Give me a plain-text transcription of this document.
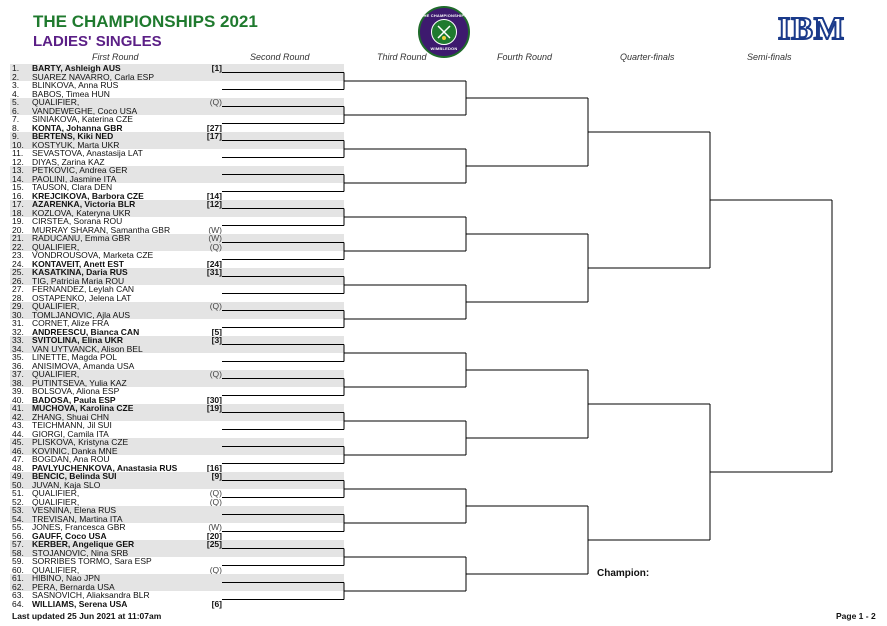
THE CHAMPIONSHIPS 2021
LADIES' SINGLES
THE CHAMPIONSHIPS
WIMBLEDON
IBM
First Round	Second Round	Third Round	Fourth Round	Quarter-finals	Semi-finals
1.	BARTY, Ashleigh AUS	[1]
2.	SUAREZ NAVARRO, Carla ESP
3.	BLINKOVA, Anna RUS
4.	BABOS, Timea HUN
5.	QUALIFIER,	(Q)
6.	VANDEWEGHE, Coco USA
7.	SINIAKOVA, Katerina CZE
8.	KONTA, Johanna GBR	[27]
9.	BERTENS, Kiki NED	[17]
10. KOSTYUK, Marta UKR
11.	SEVASTOVA, Anastasija LAT
12. DIYAS, Zarina KAZ
13. PETKOVIC, Andrea GER
14. PAOLINI, Jasmine ITA
15. TAUSON, Clara DEN
16. KREJCIKOVA, Barbora CZE	[14]
17. AZARENKA, Victoria BLR	[12]
18. KOZLOVA, Kateryna UKR
19. CIRSTEA, Sorana ROU
20. MURRAY SHARAN, Samantha GBR	(W)
21. RADUCANU, Emma GBR	(W)
22. QUALIFIER,	(Q)
23. VONDROUSOVA, Marketa CZE
24. KONTAVEIT, Anett EST	[24]
25. KASATKINA, Daria RUS	[31]
26. TIG, Patricia Maria ROU
27. FERNANDEZ, Leylah CAN
28. OSTAPENKO, Jelena LAT
29. QUALIFIER,	(Q)
30. TOMLJANOVIC, Ajla AUS
31. CORNET, Alize FRA
32. ANDREESCU, Bianca CAN	[5]
33. SVITOLINA, Elina UKR	[3]
34. VAN UYTVANCK, Alison BEL
35. LINETTE, Magda POL
36. ANISIMOVA, Amanda USA
37. QUALIFIER,	(Q)
38. PUTINTSEVA, Yulia KAZ
39. BOLSOVA, Aliona ESP
40. BADOSA, Paula ESP	[30]
41. MUCHOVA, Karolina CZE	[19]
42. ZHANG, Shuai CHN
43. TEICHMANN, Jil SUI
44. GIORGI, Camila ITA
45. PLISKOVA, Kristyna CZE
46. KOVINIC, Danka MNE
47. BOGDAN, Ana ROU
48. PAVLYUCHENKOVA, Anastasia RUS	[16]
49. BENCIC, Belinda SUI	[9]
50. JUVAN, Kaja SLO
51. QUALIFIER,	(Q)
52. QUALIFIER,	(Q)
53. VESNINA, Elena RUS
54. TREVISAN, Martina ITA
55. JONES, Francesca GBR	(W)
56. GAUFF, Coco USA	[20]
57. KERBER, Angelique GER	[25]
58. STOJANOVIC, Nina SRB
59. SORRIBES TORMO, Sara ESP
60. QUALIFIER,	(Q)
61. HIBINO, Nao JPN
62. PERA, Bernarda USA
63. SASNOVICH, Aliaksandra BLR
64. WILLIAMS, Serena USA	[6]
Champion:
Last updated 25 Jun 2021 at 11:07am	Page 1 - 2
